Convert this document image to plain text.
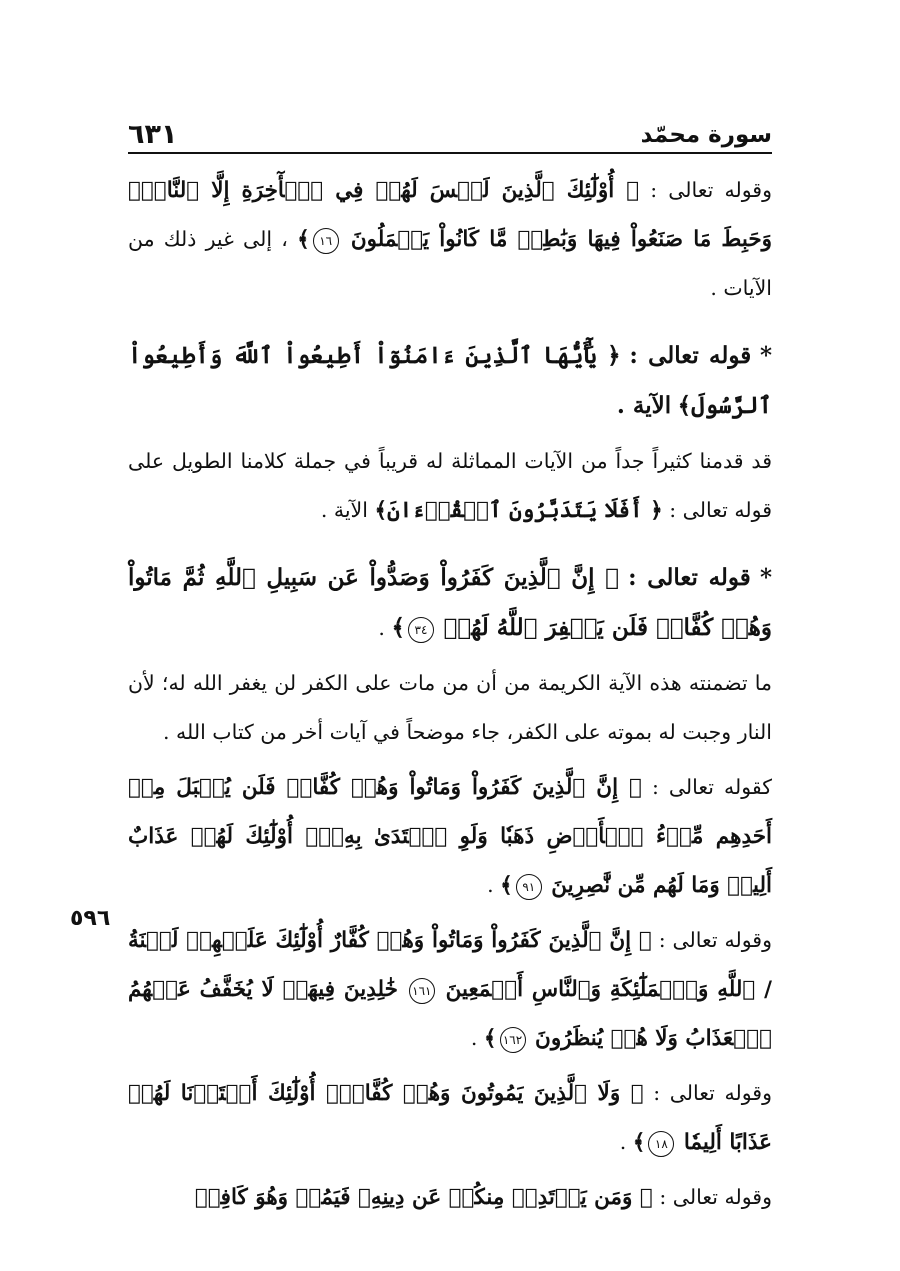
٦٣١	سورة محمّد
٥٩٦

وقوله تعالى : ﴿ أُوْلَٰٓئِكَ ٱلَّذِينَ لَيۡسَ لَهُمۡ فِي ٱلۡأٓخِرَةِ إِلَّا ٱلنَّارُۖ وَحَبِطَ مَا صَنَعُواْ فِيهَا وَبَٰطِلٞ مَّا كَانُواْ يَعۡمَلُونَ ١٦﴾ ، إلى غير ذلك من الآيات .

* قوله تعالى : ﴿ يَٰٓأَيُّهَا ٱلَّذِينَ ءَامَنُوٓاْ أَطِيعُواْ ٱللَّهَ وَأَطِيعُواْ ٱلرَّسُولَ﴾ الآية .

قد قدمنا كثيراً جداً من الآيات المماثلة له قريباً في جملة كلامنا الطويل على قوله تعالى : ﴿ أَفَلَا يَتَدَبَّرُونَ ٱلۡقُرۡءَانَ﴾ الآية .

* قوله تعالى : ﴿ إِنَّ ٱلَّذِينَ كَفَرُواْ وَصَدُّواْ عَن سَبِيلِ ٱللَّهِ ثُمَّ مَاتُواْ وَهُمۡ كُفَّارٞ فَلَن يَغۡفِرَ ٱللَّهُ لَهُمۡ ٣٤﴾ .

ما تضمنته هذه الآية الكريمة من أن من مات على الكفر لن يغفر الله له؛ لأن النار وجبت له بموته على الكفر، جاء موضحاً في آيات أخر من كتاب الله .

كقوله تعالى : ﴿ إِنَّ ٱلَّذِينَ كَفَرُواْ وَمَاتُواْ وَهُمۡ كُفَّارٞ فَلَن يُقۡبَلَ مِنۡ أَحَدِهِم مِّلۡءُ ٱلۡأَرۡضِ ذَهَبٗا وَلَوِ ٱفۡتَدَىٰ بِهِۦٓۗ أُوْلَٰٓئِكَ لَهُمۡ عَذَابٌ أَلِيمٞ وَمَا لَهُم مِّن نَّٰصِرِينَ ٩١﴾ .

وقوله تعالى : ﴿ إِنَّ ٱلَّذِينَ كَفَرُواْ وَمَاتُواْ وَهُمۡ كُفَّارٌ أُوْلَٰٓئِكَ عَلَيۡهِمۡ لَعۡنَةُ / ٱللَّهِ وَٱلۡمَلَٰٓئِكَةِ وَٱلنَّاسِ أَجۡمَعِينَ ١٦١ خَٰلِدِينَ فِيهَاۖ لَا يُخَفَّفُ عَنۡهُمُ ٱلۡعَذَابُ وَلَا هُمۡ يُنظَرُونَ ١٦٢﴾ .

وقوله تعالى : ﴿ وَلَا ٱلَّذِينَ يَمُوتُونَ وَهُمۡ كُفَّارٌۚ أُوْلَٰٓئِكَ أَعۡتَدۡنَا لَهُمۡ عَذَابًا أَلِيمٗا ١٨﴾ .

وقوله تعالى : ﴿ وَمَن يَرۡتَدِدۡ مِنكُمۡ عَن دِينِهِۦ فَيَمُتۡ وَهُوَ كَافِرٞ
